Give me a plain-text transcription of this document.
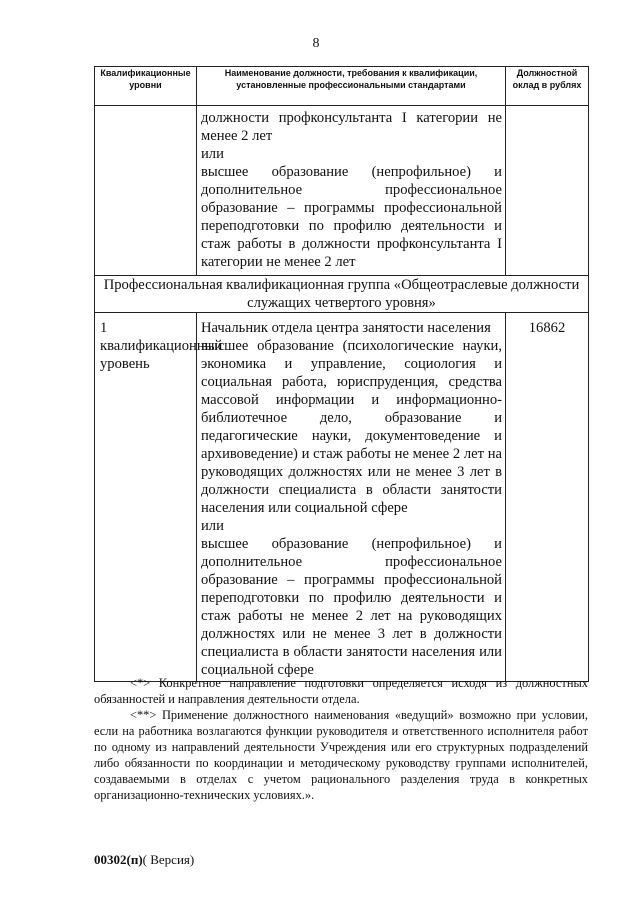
8
Квалификационные уровни	Наименование должности, требования к квалификации, установленные профессиональными стандартами	Должностной оклад в рублях

	должности профконсультанта I категории не менее 2 лет
или
высшее образование (непрофильное) и дополнительное профессиональное образование – программы профессиональной переподготовки по профилю деятельности и стаж работы в должности профконсультанта I категории не менее 2 лет	

Профессиональная квалификационная группа «Общеотраслевые должности служащих четвертого уровня»		

1 квалификационный уровень	Начальник отдела центра занятости населения
высшее образование (психологические науки, экономика и управление, социология и социальная работа, юриспруденция, средства массовой информации и информационно-библиотечное дело, образование и педагогические науки, документоведение и архивоведение) и стаж работы не менее 2 лет на руководящих должностях или не менее 3 лет в должности специалиста в области занятости населения или социальной сфере
или
высшее образование (непрофильное) и дополнительное профессиональное образование – программы профессиональной переподготовки по профилю деятельности и стаж работы не менее 2 лет на руководящих должностях или не менее 3 лет в должности специалиста в области занятости населения или социальной сфере	16862

<*> Конкретное направление подготовки определяется исходя из должностных обязанностей и направления деятельности отдела.

<**> Применение должностного наименования «ведущий» возможно при условии, если на работника возлагаются функции руководителя и ответственного исполнителя работ по одному из направлений деятельности Учреждения или его структурных подразделений либо обязанности по координации и методическому руководству группами исполнителей, создаваемыми в отделах с учетом рационального разделения труда в конкретных организационно-технических условиях.».

00302(п)( Версия)
